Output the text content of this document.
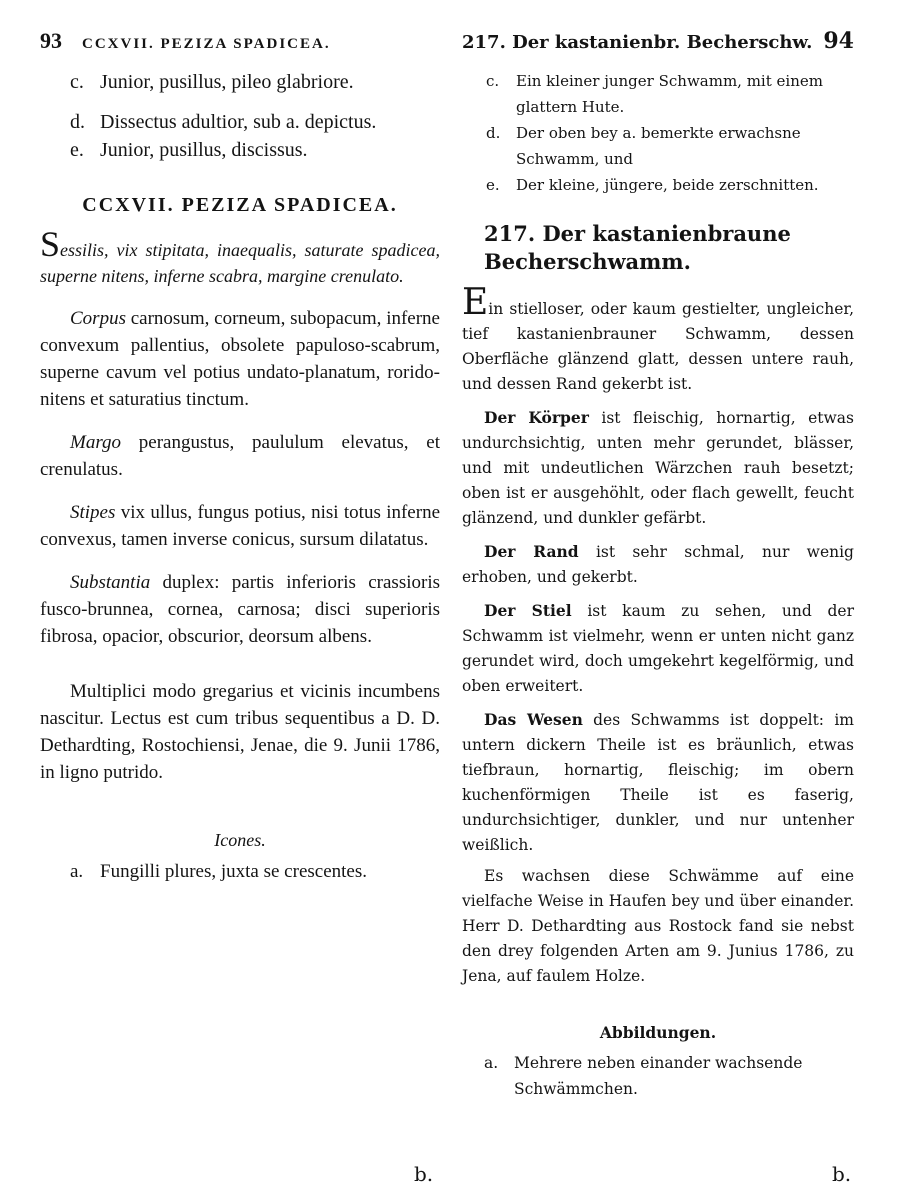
93 CCXVII. PEZIZA SPADICEA.
c. Junior, pusillus, pileo glabriore.
d. Dissectus adultior, sub a. depictus.
e. Junior, pusillus, discissus.
CCXVII. PEZIZA SPADICEA.

Sessilis, vix stipitata, inaequalis, saturate spadicea, superne nitens, inferne scabra, margine crenulato.

Corpus carnosum, corneum, subopacum, inferne convexum pallentius, obsolete papuloso-scabrum, superne cavum vel potius undato-planatum, rorido-nitens et saturatius tinctum.

Margo perangustus, paululum elevatus, et crenulatus.

Stipes vix ullus, fungus potius, nisi totus inferne convexus, tamen inverse conicus, sursum dilatatus.

Substantia duplex: partis inferioris crassioris fusco-brunnea, cornea, carnosa; disci superioris fibrosa, opacior, obscurior, deorsum albens.

Multiplici modo gregarius et vicinis incumbens nascitur. Lectus est cum tribus sequentibus a D. D. Dethardting, Rostochiensi, Jenae, die 9. Junii 1786, in ligno putrido.

Icones.

a. Fungilli plures, juxta se crescentes.
217. Der kastanienbr. Becherschw. 94
c.	Ein kleiner junger Schwamm, mit einem glattern Hute.
d.	Der oben bey a. bemerkte erwachsne Schwamm, und
e.	Der kleine, jüngere, beide zerschnitten.
217. Der kastanienbraune Becherschwamm.

Ein stielloser, oder kaum gestielter, ungleicher, tief kastanienbrauner Schwamm, dessen Oberfläche glänzend glatt, dessen untere rauh, und dessen Rand gekerbt ist.

Der Körper ist fleischig, hornartig, etwas undurchsichtig, unten mehr gerundet, blässer, und mit undeutlichen Wärzchen rauh besetzt; oben ist er ausgehöhlt, oder flach gewellt, feucht glänzend, und dunkler gefärbt.

Der Rand ist sehr schmal, nur wenig erhoben, und gekerbt.

Der Stiel ist kaum zu sehen, und der Schwamm ist vielmehr, wenn er unten nicht ganz gerundet wird, doch umgekehrt kegelförmig, und oben erweitert.

Das Wesen des Schwamms ist doppelt: im untern dickern Theile ist es bräunlich, etwas tiefbraun, hornartig, fleischig; im obern kuchenförmigen Theile ist es faserig, undurchsichtiger, dunkler, und nur untenher weißlich.

Es wachsen diese Schwämme auf eine vielfache Weise in Haufen bey und über einander. Herr D. Dethardting aus Rostock fand sie nebst den drey folgenden Arten am 9. Junius 1786, zu Jena, auf faulem Holze.

Abbildungen.

a.	Mehrere neben einander wachsende Schwämmchen.
b.	b.
